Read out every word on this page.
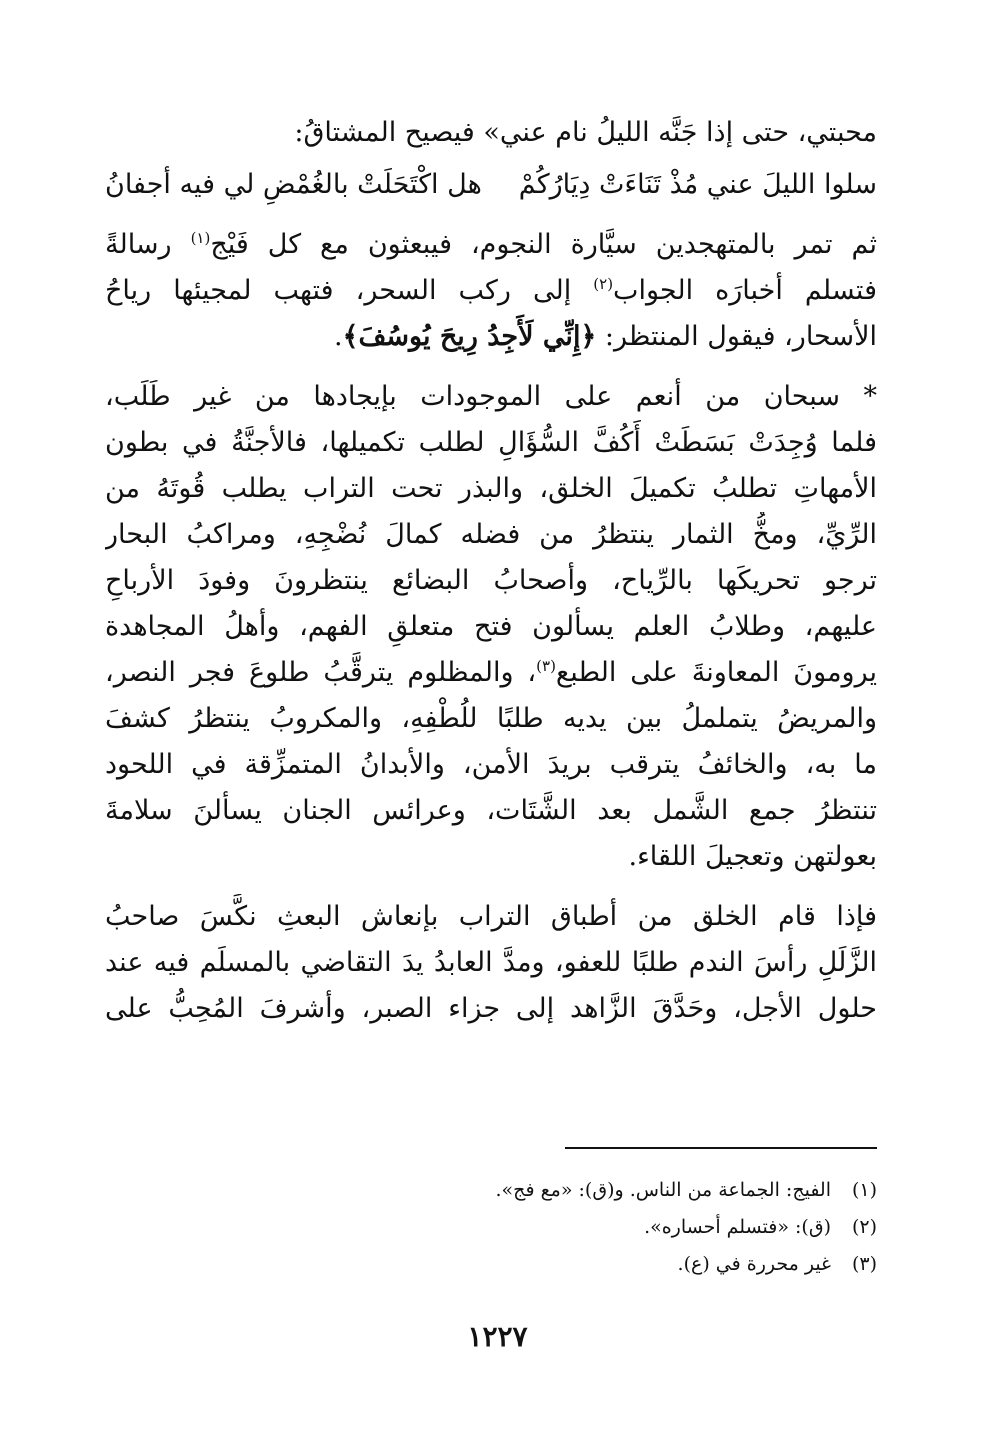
محبتي، حتى إذا جَنَّه الليلُ نام عني» فيصيح المشتاقُ:
سلوا الليلَ عني مُذْ تَنَاءَتْ دِيَارُكُمْ
هل اكْتَحَلَتْ بالغُمْضِ لي فيه أجفانُ
ثم تمر بالمتهجدين سيَّارة النجوم، فيبعثون مع كل فَيْج$^{(١)}$ رسالةً
فتسلم أخبارَه الجواب$^{(٢)}$ إلى ركب السحر، فتهب لمجيئها رياحُ
الأسحار، فيقول المنتظر: ﴿إِنِّي لَأَجِدُ رِيحَ يُوسُفَ﴾.
* سبحان من أنعم على الموجودات بإيجادها من غير طَلَب،
فلما وُجِدَتْ بَسَطَتْ أَكُفَّ السُّؤَالِ لطلب تكميلها، فالأجنَّةُ في بطون
الأمهاتِ تطلبُ تكميلَ الخلق، والبذر تحت التراب يطلب قُوتَهُ من
الرِّيِّ، ومخُّ الثمار ينتظرُ من فضله كمالَ نُضْجِهِ، ومراكبُ البحار
ترجو تحريكَها بالرِّياح، وأصحابُ البضائع ينتظرونَ وفودَ الأرباحِ
عليهم، وطلابُ العلم يسألون فتح متعلقِ الفهم، وأهلُ المجاهدة
يرومونَ المعاونةَ على الطبع$^{(٣)}$، والمظلوم يترقَّبُ طلوعَ فجر النصر،
والمريضُ يتململُ بين يديه طلبًا للُطْفِهِ، والمكروبُ ينتظرُ كشفَ
ما به، والخائفُ يترقب بريدَ الأمن، والأبدانُ المتمزِّقة في اللحود
تنتظرُ جمع الشَّمل بعد الشَّتَات، وعرائس الجنان يسألنَ سلامةَ
بعولتهن وتعجيلَ اللقاء.
فإذا قام الخلق من أطباق التراب بإنعاش البعثِ نكَّسَ صاحبُ
الزَّلَلِ رأسَ الندم طلبًا للعفو، ومدَّ العابدُ يدَ التقاضي بالمسلَم فيه عند
حلول الأجل، وحَدَّقَ الزَّاهد إلى جزاء الصبر، وأشرفَ المُحِبُّ على
(١)الفيج: الجماعة من الناس. و(ق): «مع فج».
(٢)(ق): «فتسلم أحساره».
(٣)غير محررة في (ع).
١٢٢٧
